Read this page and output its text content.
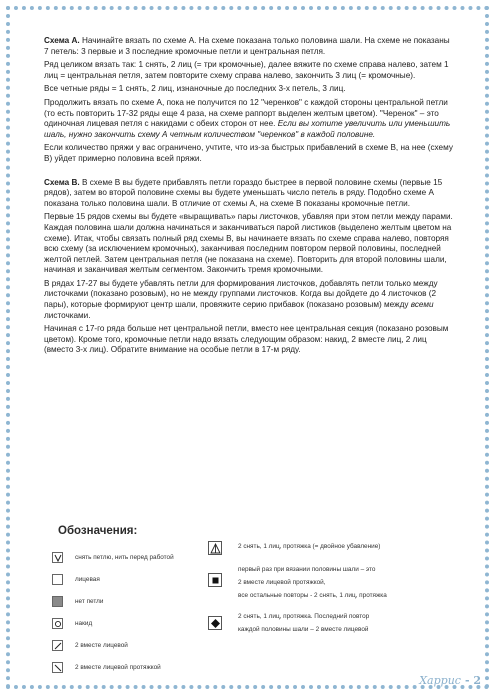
Схема А. Начинайте вязать по схеме А. На схеме показана только половина шали. На схеме не показаны 7 петель: 3 первые и 3 последние кромочные петли и центральная петля.

Ряд целиком вязать так: 1 снять, 2 лиц (= три кромочные), далее вяжите по схеме справа налево, затем 1 лиц = центральная петля, затем повторите схему справа налево, закончить 3 лиц (= кромочные).

Все четные ряды = 1 снять, 2 лиц, изнаночные до последних 3-х петель, 3 лиц.

Продолжить вязать по схеме А, пока не получится по 12 "черенков" с каждой стороны центральной петли (то есть повторить 17-32 ряды еще 4 раза, на схеме раппорт выделен желтым цветом). "Черенок" – это одиночная лицевая петля с накидами с обеих сторон от нее. Если вы хотите увеличить или уменьшить шаль, нужно закончить схему А четным количеством "черенков" в каждой половине.

Если количество пряжи у вас ограничено, учтите, что из-за быстрых прибавлений в схеме В, на нее (схему В) уйдет примерно половина всей пряжи.

Схема В. В схеме В вы будете прибавлять петли гораздо быстрее в первой половине схемы (первые 15 рядов), затем во второй половине схемы вы будете уменьшать число петель в ряду. Подобно схеме А показана только половина шали. В отличие от схемы А, на схеме В показаны кромочные петли.

Первые 15 рядов схемы вы будете «выращивать» пары листочков, убавляя при этом петли между парами. Каждая половина шали должна начинаться и заканчиваться парой листиков (выделено желтым цветом на схеме). Итак, чтобы связать полный ряд схемы В, вы начинаете вязать по схеме справа налево, повторяя всю схему (за исключением кромочных), заканчивая последним повтором первой половины, последней желтой петлей. Затем центральная петля (не показана на схеме). Повторить для второй половины шали, начиная и заканчивая желтым сегментом. Закончить тремя кромочными.

В рядах 17-27 вы будете убавлять петли для формирования листочков, добавлять петли только между листочками (показано розовым), но не между группами листочков. Когда вы дойдете до 4 листочков (2 пары), которые формируют центр шали, провяжите серию прибавок (показано розовым) между всеми листочками.

Начиная с 17-го ряда больше нет центральной петли, вместо нее центральная секция (показано розовым цветом). Кроме того, кромочные петли надо вязать следующим образом: накид, 2 вместе лиц, 2 лиц (вместо 3-х лиц). Обратите внимание на особые петли в 17-м ряду.

Обозначения:
снять петлю, нить перед работой
лицевая
нет петли
накид
2 вместе лицевой
2 вместе лицевой протяжкой
2 снять, 1 лиц, протяжка (= двойное убавление)
первый раз при вязании половины шали – это
2 вместе лицевой протяжкой,
все остальные повторы - 2 снять, 1 лиц, протяжка
2 снять, 1 лиц, протяжка. Последний повтор
каждой половины шали – 2 вместе лицевой
Харрис - 2
